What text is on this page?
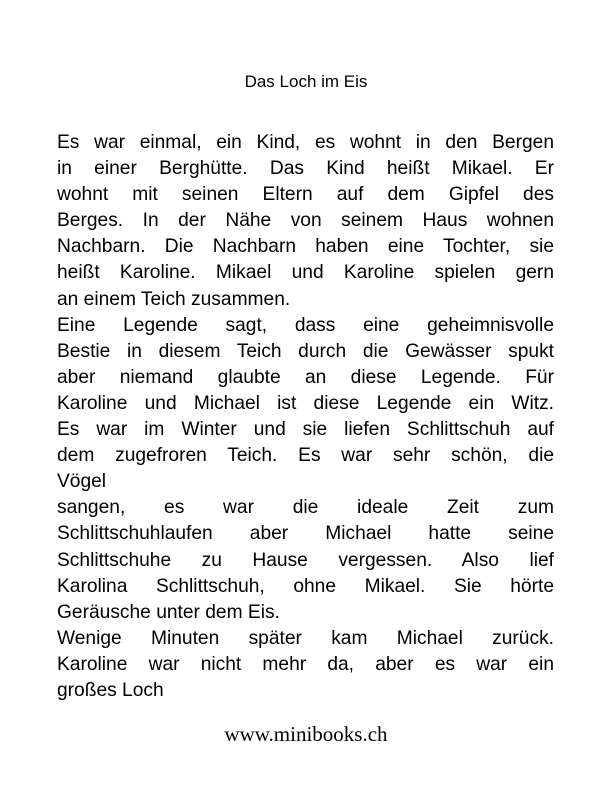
Das Loch im Eis
Es war einmal, ein Kind, es wohnt in den Bergen
in einer Berghütte. Das Kind heißt Mikael. Er
wohnt mit seinen Eltern auf dem Gipfel des
Berges. In der Nähe von seinem Haus wohnen
Nachbarn. Die Nachbarn haben eine Tochter, sie
heißt Karoline. Mikael und Karoline spielen gern
an einem Teich zusammen.
Eine Legende sagt, dass eine geheimnisvolle
Bestie in diesem Teich durch die Gewässer spukt
aber niemand glaubte an diese Legende. Für
Karoline und Michael ist diese Legende ein Witz.
Es war im Winter und sie liefen Schlittschuh auf
dem zugefroren Teich. Es war sehr schön, die
Vögel
sangen, es war die ideale Zeit zum
Schlittschuhlaufen aber Michael hatte seine
Schlittschuhe zu Hause vergessen. Also lief
Karolina Schlittschuh, ohne Mikael. Sie hörte
Geräusche unter dem Eis.
Wenige Minuten später kam Michael zurück.
Karoline war nicht mehr da, aber es war ein
großes Loch
www.minibooks.ch
